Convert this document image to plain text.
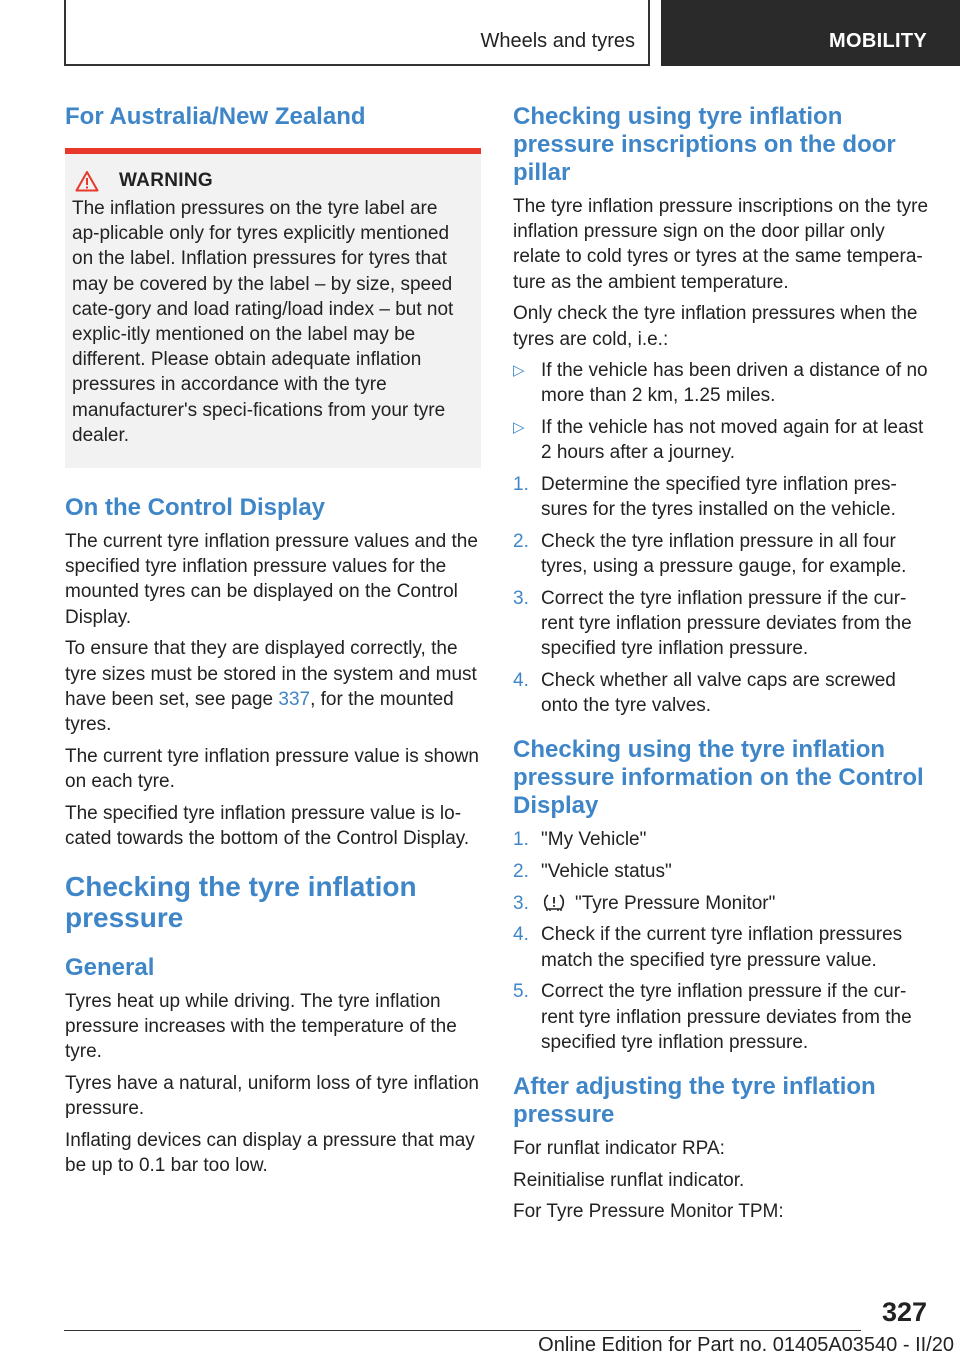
Wheels and tyres	MOBILITY
For Australia/New Zealand
WARNING

The inflation pressures on the tyre label are ap-plicable only for tyres explicitly mentioned on the label. Inflation pressures for tyres that may be covered by the label – by size, speed cate-gory and load rating/load index – but not explic-itly mentioned on the label may be different. Please obtain adequate inflation pressures in accordance with the tyre manufacturer's speci-fications from your tyre dealer.

On the Control Display

The current tyre inflation pressure values and the specified tyre inflation pressure values for the mounted tyres can be displayed on the Control Display.

To ensure that they are displayed correctly, the tyre sizes must be stored in the system and must have been set, see page 337, for the mounted tyres.

The current tyre inflation pressure value is shown on each tyre.

The specified tyre inflation pressure value is lo-cated towards the bottom of the Control Display.

Checking the tyre inflation pressure
General

Tyres heat up while driving. The tyre inflation pressure increases with the temperature of the tyre.

Tyres have a natural, uniform loss of tyre inflation pressure.

Inflating devices can display a pressure that may be up to 0.1 bar too low.

Checking using tyre inflation pressure inscriptions on the door pillar

The tyre inflation pressure inscriptions on the tyre inflation pressure sign on the door pillar only relate to cold tyres or tyres at the same tempera-ture as the ambient temperature.

Only check the tyre inflation pressures when the tyres are cold, i.e.:

▷ If the vehicle has been driven a distance of no more than 2 km, 1.25 miles.
▷ If the vehicle has not moved again for at least 2 hours after a journey.
1. Determine the specified tyre inflation pres-sures for the tyres installed on the vehicle.
2. Check the tyre inflation pressure in all four tyres, using a pressure gauge, for example.
3. Correct the tyre inflation pressure if the cur-rent tyre inflation pressure deviates from the specified tyre inflation pressure.
4. Check whether all valve caps are screwed onto the tyre valves.
Checking using the tyre inflation pressure information on the Control Display
1. "My Vehicle"
2. "Vehicle status"
3. "Tyre Pressure Monitor"
4. Check if the current tyre inflation pressures match the specified tyre pressure value.
5. Correct the tyre inflation pressure if the cur-rent tyre inflation pressure deviates from the specified tyre inflation pressure.
After adjusting the tyre inflation pressure

For runflat indicator RPA:

Reinitialise runflat indicator.

For Tyre Pressure Monitor TPM:

327
Online Edition for Part no. 01405A03540 - II/20
